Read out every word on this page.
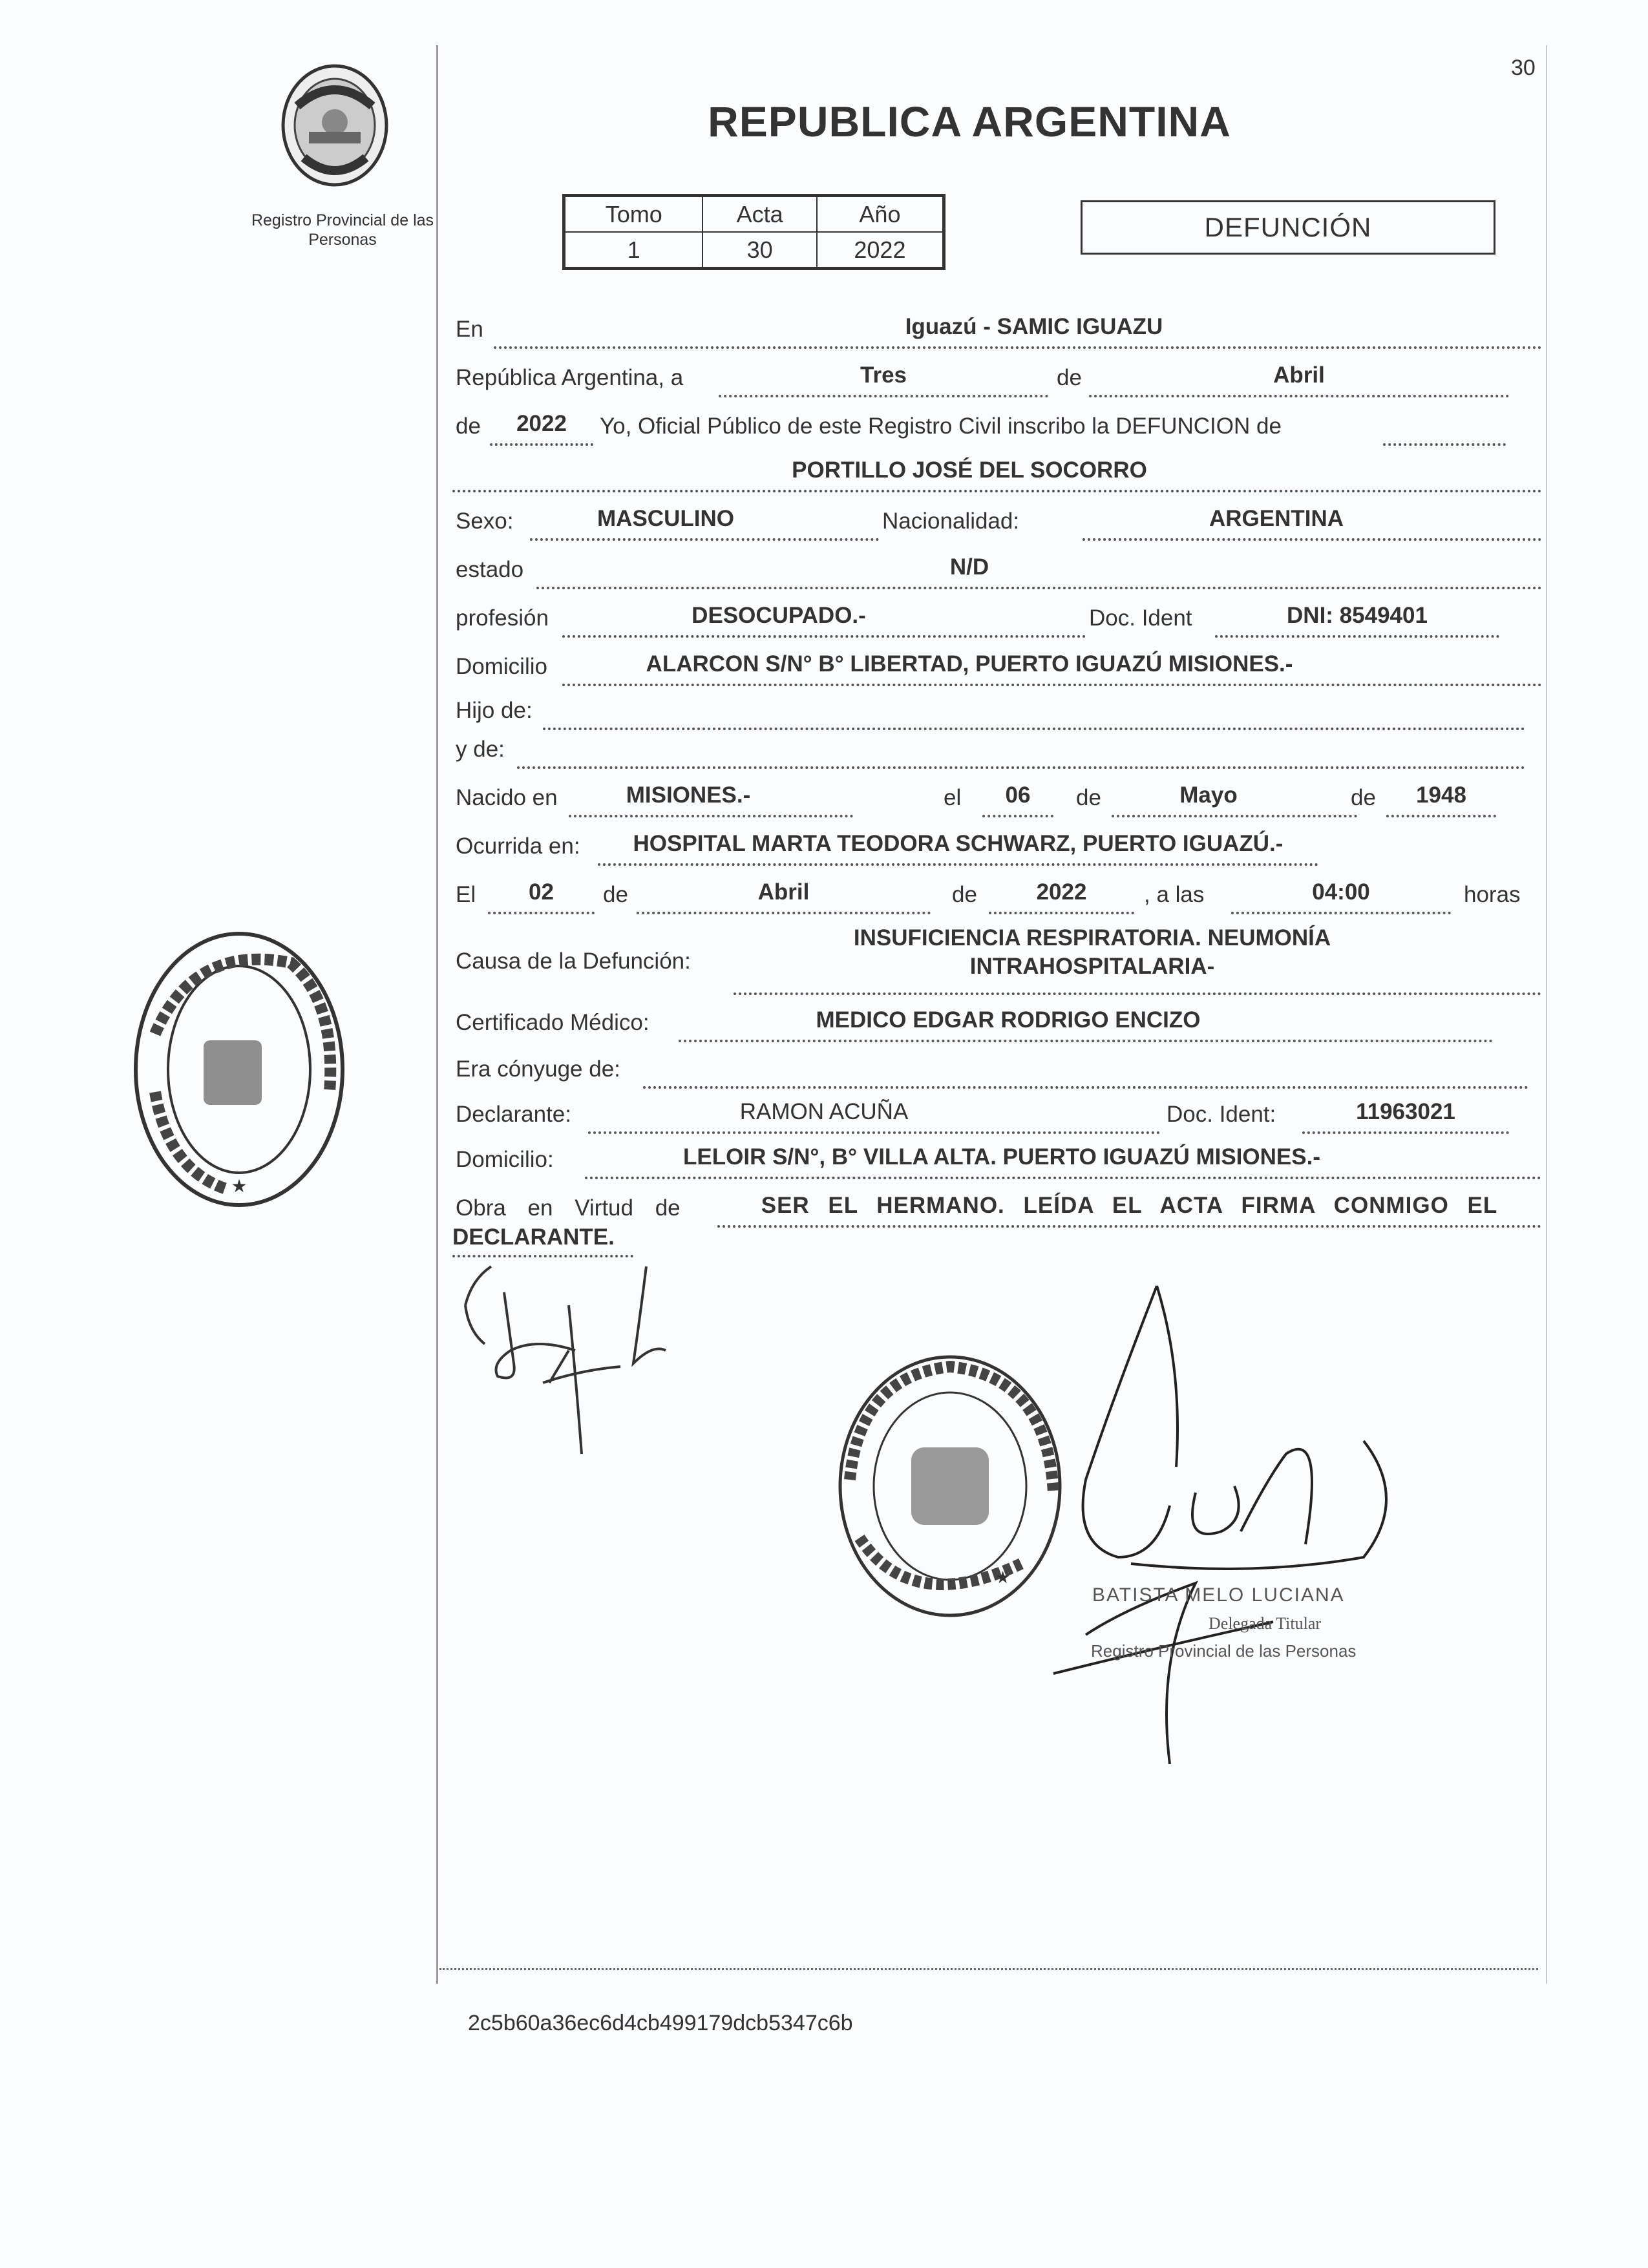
30
Registro Provincial de las Personas
REPUBLICA ARGENTINA
Tomo	Acta	Año
1	30	2022
DEFUNCIÓN
En	Iguazú - SAMIC IGUAZU
República Argentina, a	Tres	de	Abril
de	2022	Yo, Oficial Público de este Registro Civil inscribo la DEFUNCION de
PORTILLO JOSÉ DEL SOCORRO
Sexo:	MASCULINO	Nacionalidad:	ARGENTINA
estado	N/D
profesión	DESOCUPADO.-	Doc. Ident	DNI: 8549401
Domicilio	ALARCON S/N° B° LIBERTAD, PUERTO IGUAZÚ MISIONES.-
Hijo de:
y de:
Nacido en	MISIONES.-	el	06	de	Mayo	de	1948
Ocurrida en:	HOSPITAL MARTA TEODORA SCHWARZ, PUERTO IGUAZÚ.-
El	02	de	Abril	de	2022	, a las	04:00	horas
Causa de la Defunción:
INSUFICIENCIA RESPIRATORIA. NEUMONÍA
INTRAHOSPITALARIA-
Certificado Médico:	MEDICO EDGAR RODRIGO ENCIZO
Era cónyuge de:
Declarante:	RAMON ACUÑA	Doc. Ident:	11963021
Domicilio:	LELOIR S/N°, B° VILLA ALTA. PUERTO IGUAZÚ MISIONES.-
Obra en Virtud de	SER EL HERMANO. LEÍDA EL ACTA FIRMA CONMIGO EL
DECLARANTE.
★
★
BATISTA MELO LUCIANA
Delegada Titular
Registro Provincial de las Personas
2c5b60a36ec6d4cb499179dcb5347c6b
